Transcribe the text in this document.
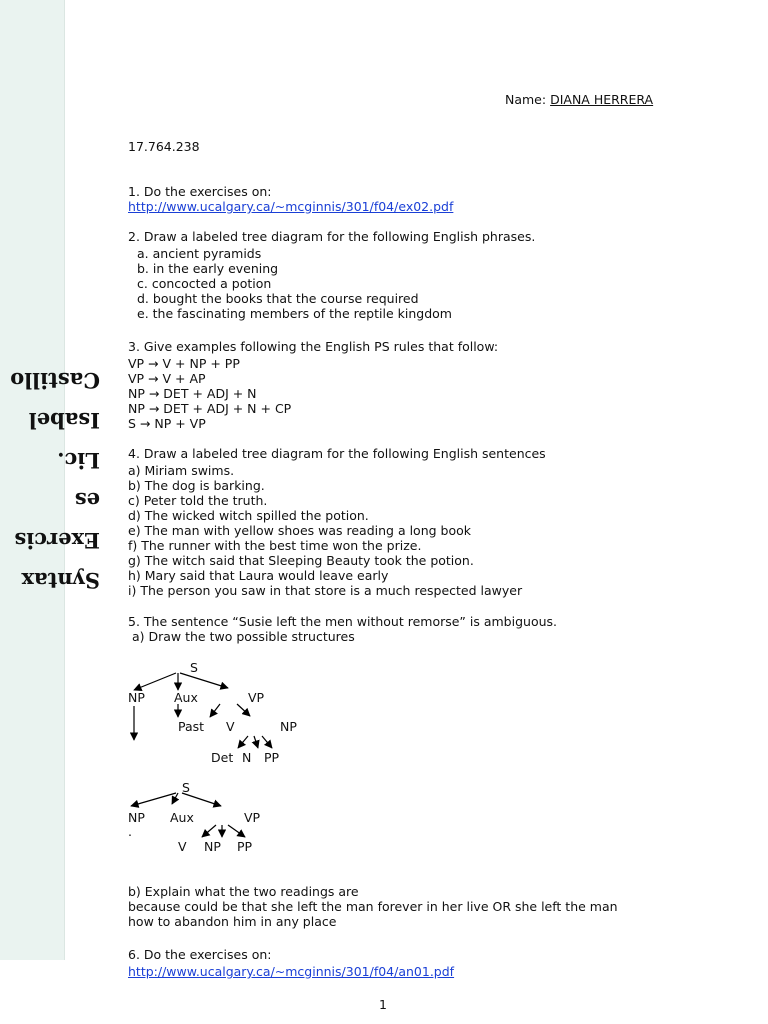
Syntax
Exercis
es
Lic.
Isabel
Castillo
Name: DIANA HERRERA
17.764.238
1. Do the exercises on:
http://www.ucalgary.ca/~mcginnis/301/f04/ex02.pdf
2. Draw a labeled tree diagram for the following English phrases.
a. ancient pyramids
b. in the early evening
c. concocted a potion
d. bought the books that the course required
e. the fascinating members of the reptile kingdom
3. Give examples following the English PS rules that follow:
VP → V + NP + PP
VP → V + AP
NP → DET + ADJ + N
NP → DET + ADJ + N + CP
S → NP + VP
4. Draw a labeled tree diagram for the following English sentences
a) Miriam swims.
b) The dog is barking.
c) Peter told the truth.
d) The wicked witch spilled the potion.
e) The man with yellow shoes was reading a long book
f) The runner with the best time won the prize.
g) The witch said that Sleeping Beauty took the potion.
h) Mary said that Laura would leave early
i) The person you saw in that store is a much respected lawyer
5. The sentence “Susie left the men without remorse” is ambiguous.
a) Draw the two possible structures
S
NP Aux	VP
Past V	NP
Det N PP
S
NP Aux	VP
.
V NP PP
b) Explain what the two readings are
because could be that she left the man forever in her live OR she left the man
how to abandon him in any place
6. Do the exercises on:
http://www.ucalgary.ca/~mcginnis/301/f04/an01.pdf
1
